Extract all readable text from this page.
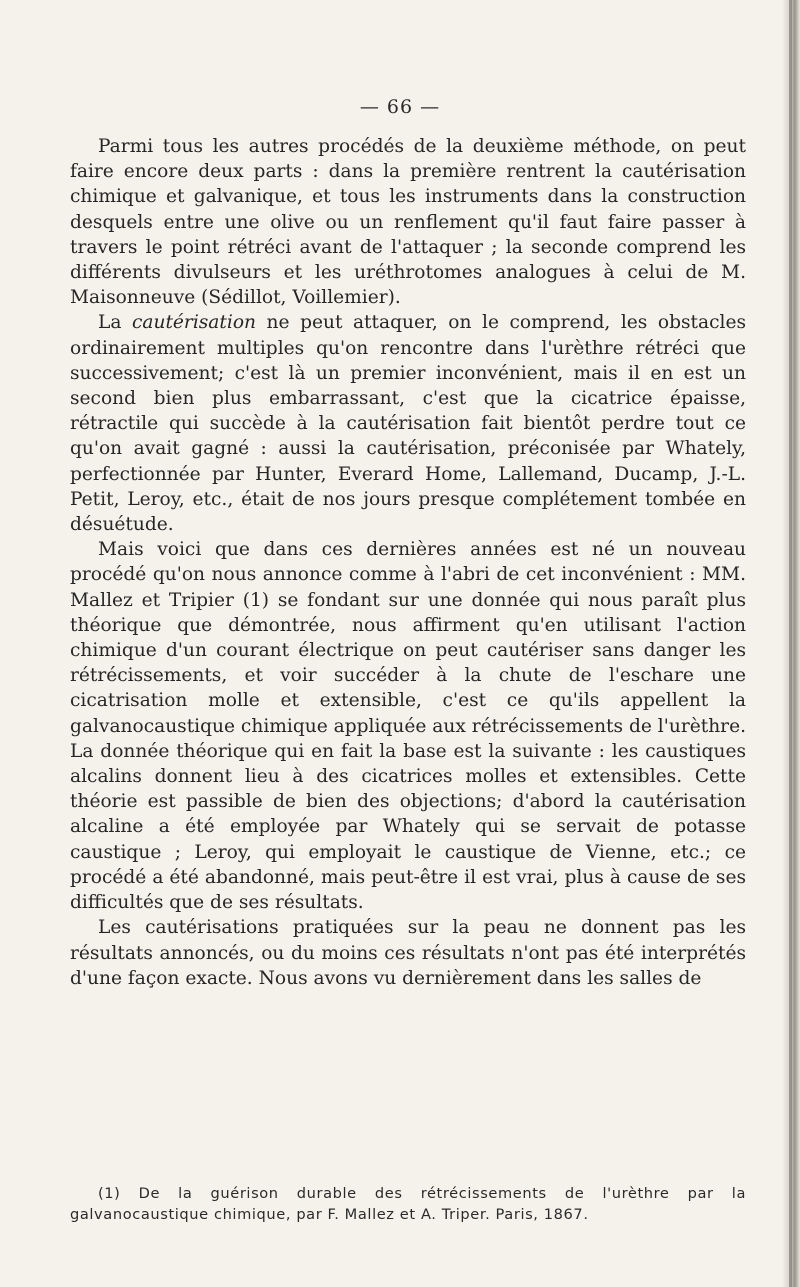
— 66 —

Parmi tous les autres procédés de la deuxième méthode, on peut faire encore deux parts : dans la première rentrent la cautérisation chimique et galvanique, et tous les instruments dans la construction desquels entre une olive ou un renflement qu'il faut faire passer à travers le point rétréci avant de l'attaquer ; la seconde comprend les différents divulseurs et les uréthrotomes analogues à celui de M. Maisonneuve (Sédillot, Voillemier).

La cautérisation ne peut attaquer, on le comprend, les obstacles ordinairement multiples qu'on rencontre dans l'urèthre rétréci que successivement; c'est là un premier inconvénient, mais il en est un second bien plus embarrassant, c'est que la cicatrice épaisse, rétractile qui succède à la cautérisation fait bientôt perdre tout ce qu'on avait gagné : aussi la cautérisation, préconisée par Whately, perfectionnée par Hunter, Everard Home, Lallemand, Ducamp, J.-L. Petit, Leroy, etc., était de nos jours presque complétement tombée en désuétude.

Mais voici que dans ces dernières années est né un nouveau procédé qu'on nous annonce comme à l'abri de cet inconvénient : MM. Mallez et Tripier (1) se fondant sur une donnée qui nous paraît plus théorique que démontrée, nous affirment qu'en utilisant l'action chimique d'un courant électrique on peut cautériser sans danger les rétrécissements, et voir succéder à la chute de l'eschare une cicatrisation molle et extensible, c'est ce qu'ils appellent la galvanocaustique chimique appliquée aux rétrécissements de l'urèthre. La donnée théorique qui en fait la base est la suivante : les caustiques alcalins donnent lieu à des cicatrices molles et extensibles. Cette théorie est passible de bien des objections; d'abord la cautérisation alcaline a été employée par Whately qui se servait de potasse caustique ; Leroy, qui employait le caustique de Vienne, etc.; ce procédé a été abandonné, mais peut-être il est vrai, plus à cause de ses difficultés que de ses résultats.

Les cautérisations pratiquées sur la peau ne donnent pas les résultats annoncés, ou du moins ces résultats n'ont pas été interprétés d'une façon exacte. Nous avons vu dernièrement dans les salles de

(1) De la guérison durable des rétrécissements de l'urèthre par la galvanocaustique chimique, par F. Mallez et A. Triper. Paris, 1867.
